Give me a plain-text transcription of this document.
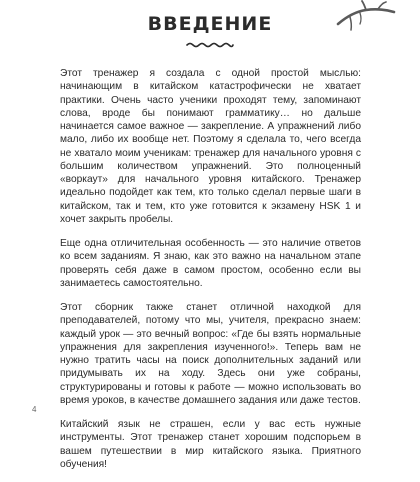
ВВЕДЕНИЕ

Этот тренажер я создала с одной простой мыслью: начинающим в китайском катастрофически не хватает практики. Очень часто ученики проходят тему, запоминают слова, вроде бы понимают грамматику… но дальше начинается самое важное — закрепление. А упражнений либо мало, либо их вообще нет. Поэтому я сделала то, чего всегда не хватало моим ученикам: тренажер для начального уровня с большим количеством упражнений. Это полноценный «воркаут» для начального уровня китайского. Тренажер идеально подойдет как тем, кто только сделал первые шаги в китайском, так и тем, кто уже готовится к экзамену HSK 1 и хочет закрыть пробелы.

Еще одна отличительная особенность — это наличие ответов ко всем заданиям. Я знаю, как это важно на начальном этапе проверять себя даже в самом простом, особенно если вы занимаетесь самостоятельно.

Этот сборник также станет отличной находкой для преподавателей, потому что мы, учителя, прекрасно знаем: каждый урок — это вечный вопрос: «Где бы взять нормальные упражнения для закрепления изученного!». Теперь вам не нужно тратить часы на поиск дополнительных заданий или придумывать их на ходу. Здесь они уже собраны, структурированы и готовы к работе — можно использовать во время уроков, в качестве домашнего задания или даже тестов.

Китайский язык не страшен, если у вас есть нужные инструменты. Этот тренажер станет хорошим подспорьем в вашем путешествии в мир китайского языка. Приятного обучения!

4
